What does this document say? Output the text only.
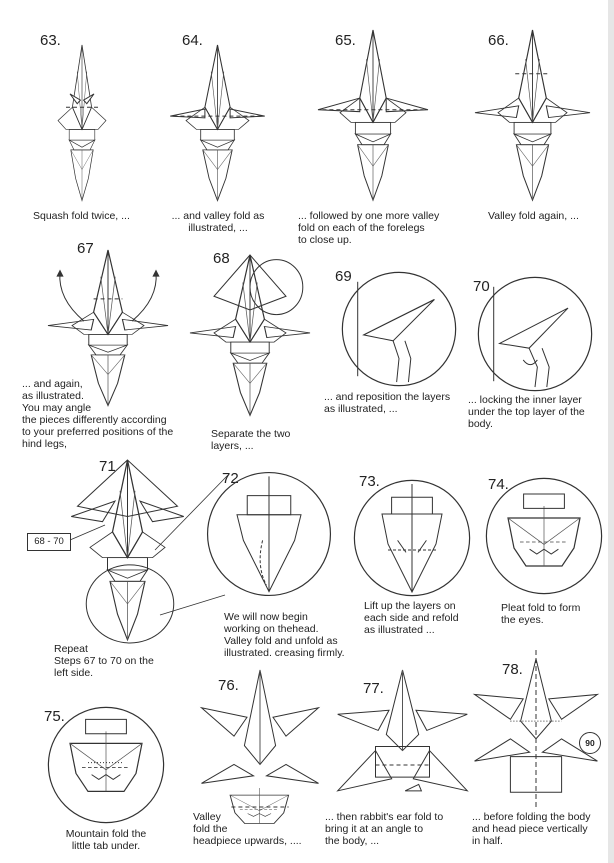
63.
Squash fold twice, ...
64.
... and valley fold as
illustrated, ...
65.
... followed by one more valley
fold on each of the forelegs
to close up.
66.
Valley fold again, ...
67
... and again,
as illustrated.
You may angle
the pieces differently according
to your preferred positions of the
hind legs,
68
Separate the two
layers, ...
69
... and reposition the layers
as illustrated, ...
70
... locking the inner layer
under the top layer of the
body.
71
68 - 70
Repeat
Steps 67 to 70 on the
left side.
72
We will now begin
working on thehead.
Valley fold and unfold as
illustrated. creasing firmly.
73.
Lift up the layers on
each side and refold
as illustrated ...
74.
Pleat fold to form
the eyes.
75.
Mountain fold the
little tab under.
76.
Valley
fold the
headpiece upwards, ....
77.
... then rabbit's ear fold to
bring it at an angle to
the body, ...
78.
90
... before folding the body
and head piece vertically
in half.
